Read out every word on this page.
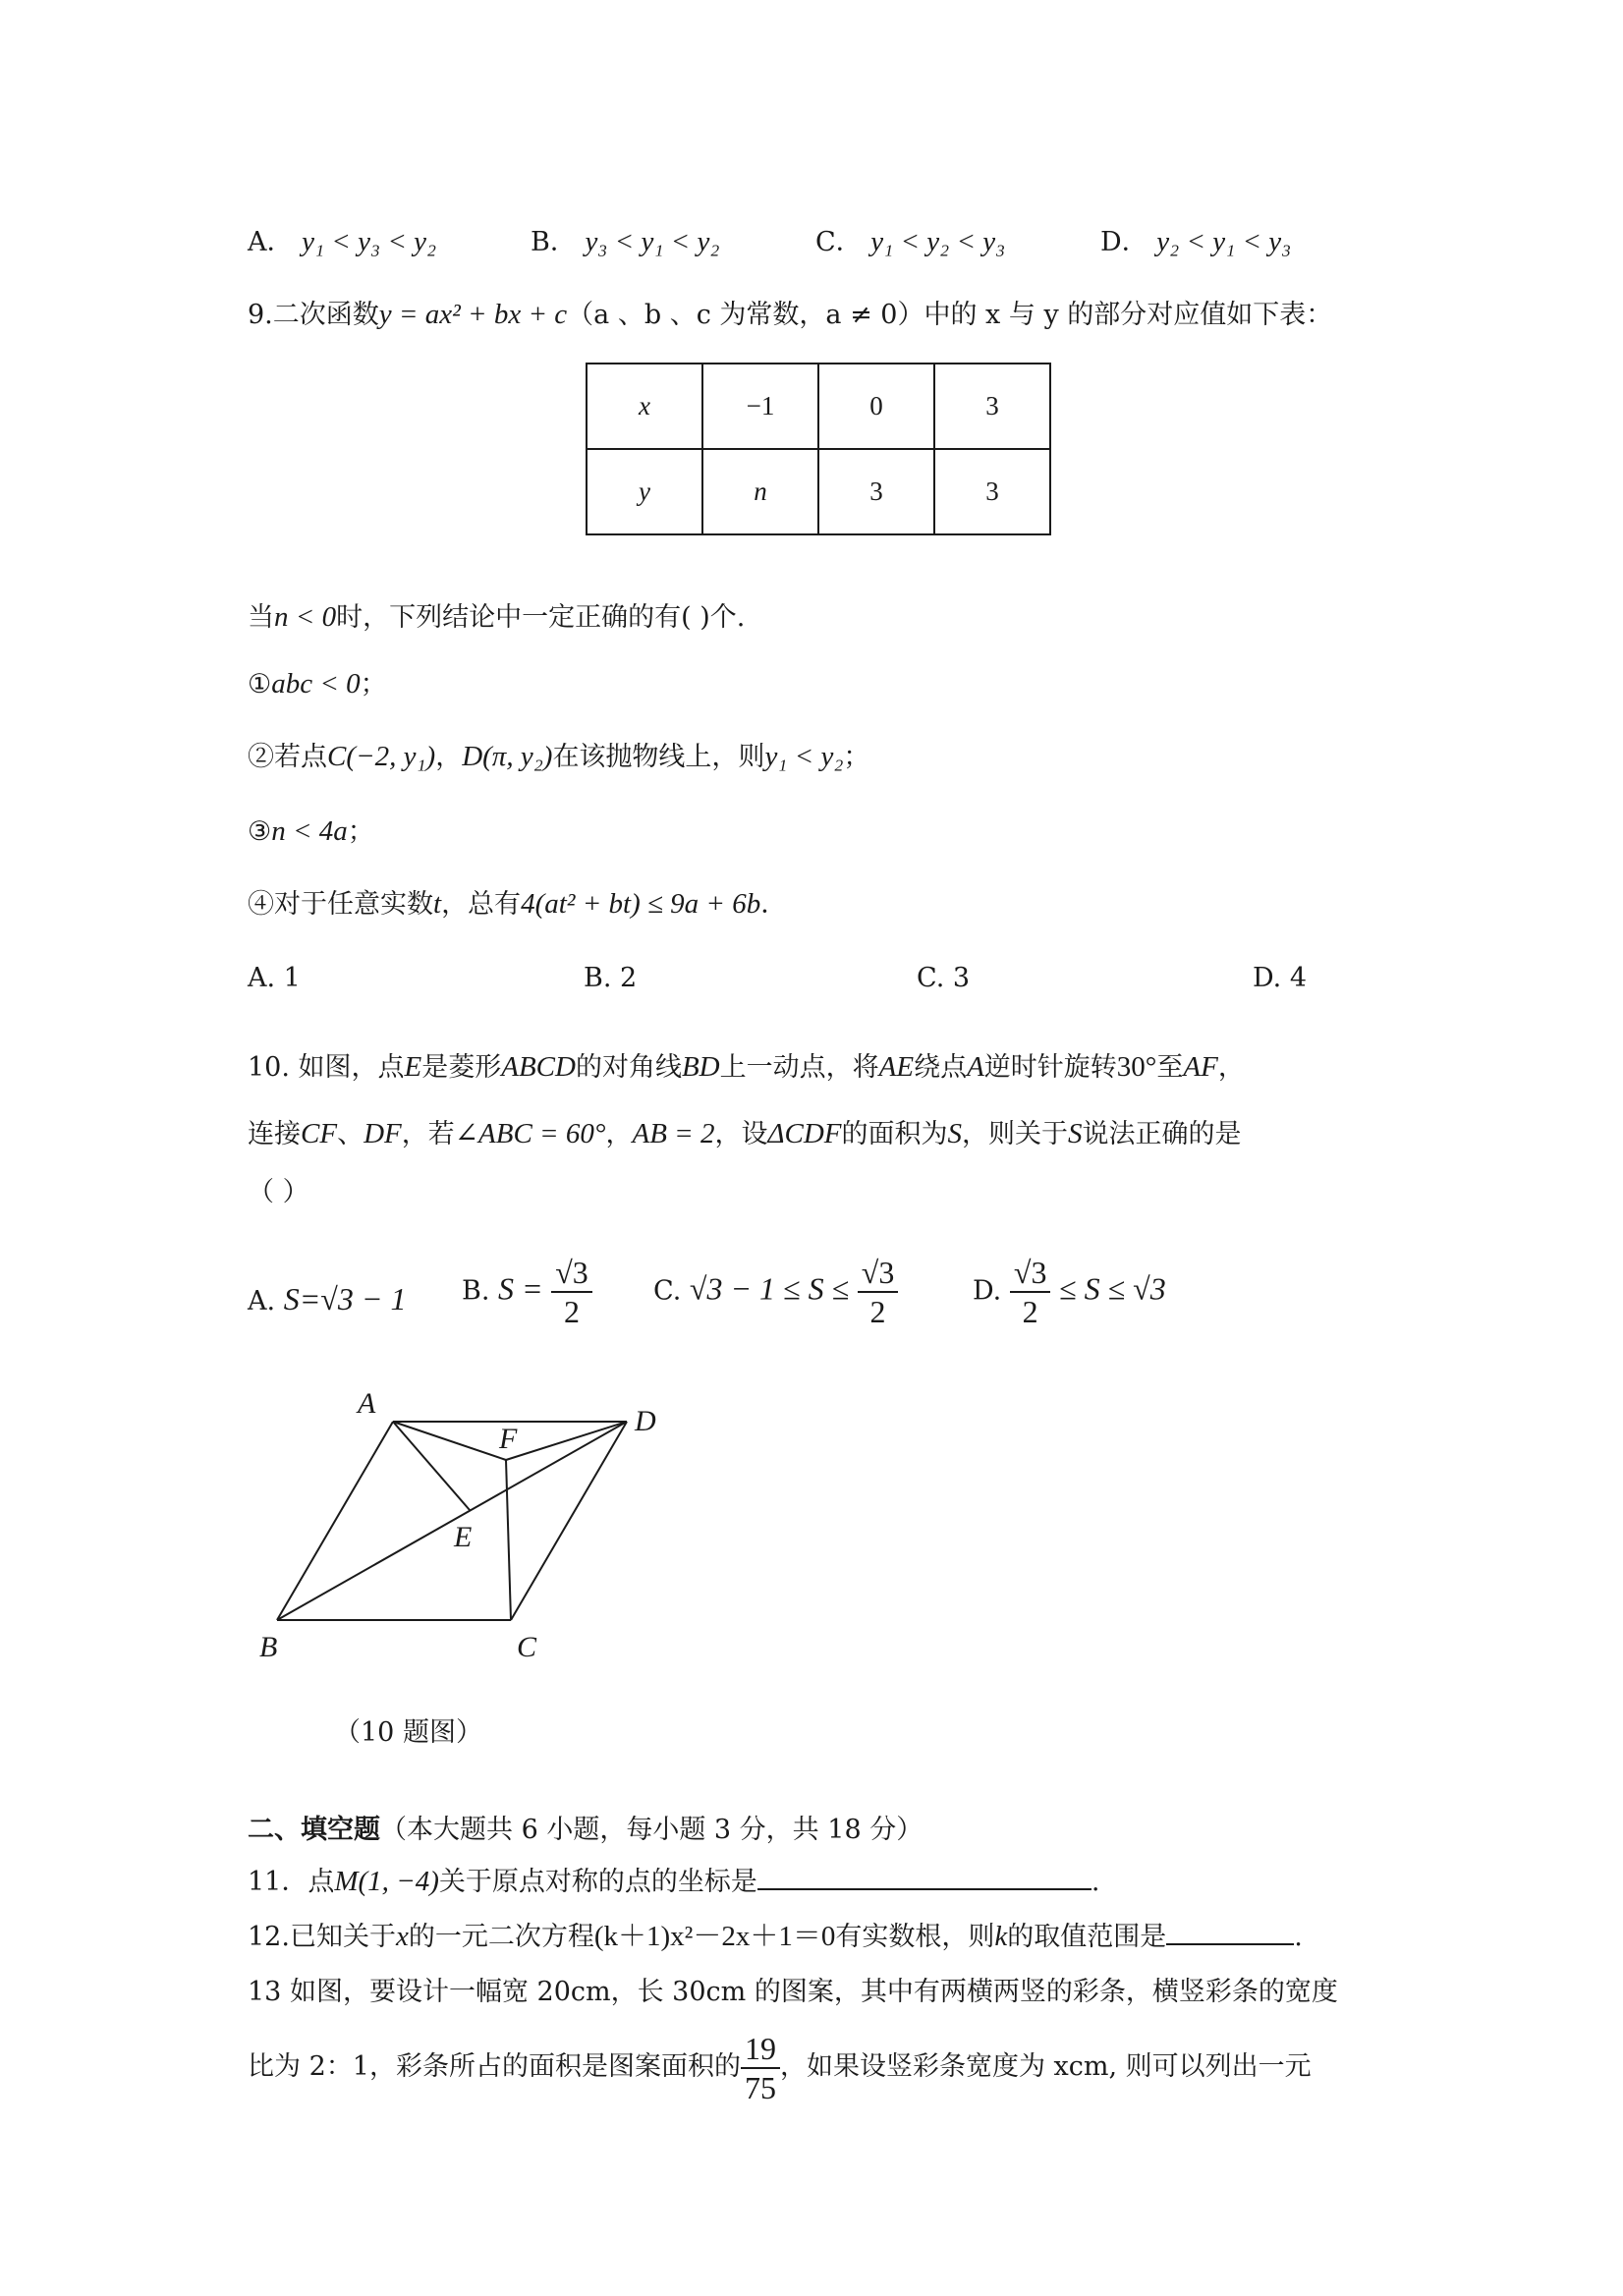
A． y₁ < y₃ < y₂	B． y₃ < y₁ < y₂	C． y₁ < y₂ < y₃	D． y₂ < y₁ < y₃
9.二次函数y = ax² + bx + c（a 、b 、c 为常数，a ≠ 0）中的 x 与 y 的部分对应值如下表：
x	−1	0	3
y	n	3	3
当n < 0时，下列结论中一定正确的有( )个.
①abc < 0；
②若点C(−2, y₁)，D(π, y₂)在该抛物线上，则y₁ < y₂；
③n < 4a；
④对于任意实数t，总有4(at² + bt) ≤ 9a + 6b．
A. 1	B. 2	C. 3	D. 4
10. 如图，点E是菱形ABCD的对角线BD上一动点，将AE绕点A逆时针旋转30°至AF，
连接CF、DF，若∠ABC = 60°，AB = 2，设ΔCDF的面积为S，则关于S说法正确的是
（ ）
A. S=√3 − 1 B. $S = \frac{√3}{2} C$. $√3 - 1 \le S \le \frac{√3}{2}$	D. $\frac{√3}{2} \le S \le √3$
A
B	C
D
E
F
（10 题图）
二、填空题（本大题共 6 小题，每小题 3 分，共 18 分）
11．点M(1, −4)关于原点对称的点的坐标是	.
12.已知关于x的一元二次方程(k＋1)x²－2x＋1＝0有实数根，则k的取值范围是	.
13 如图，要设计一幅宽 20cm，长 30cm 的图案，其中有两横两竖的彩条，横竖彩条的宽度
比为 2：1，彩条所占的面积是图案面积的 $\frac{19}{75}$ ，如果设竖彩条宽度为 xcm, 则可以列出一元
